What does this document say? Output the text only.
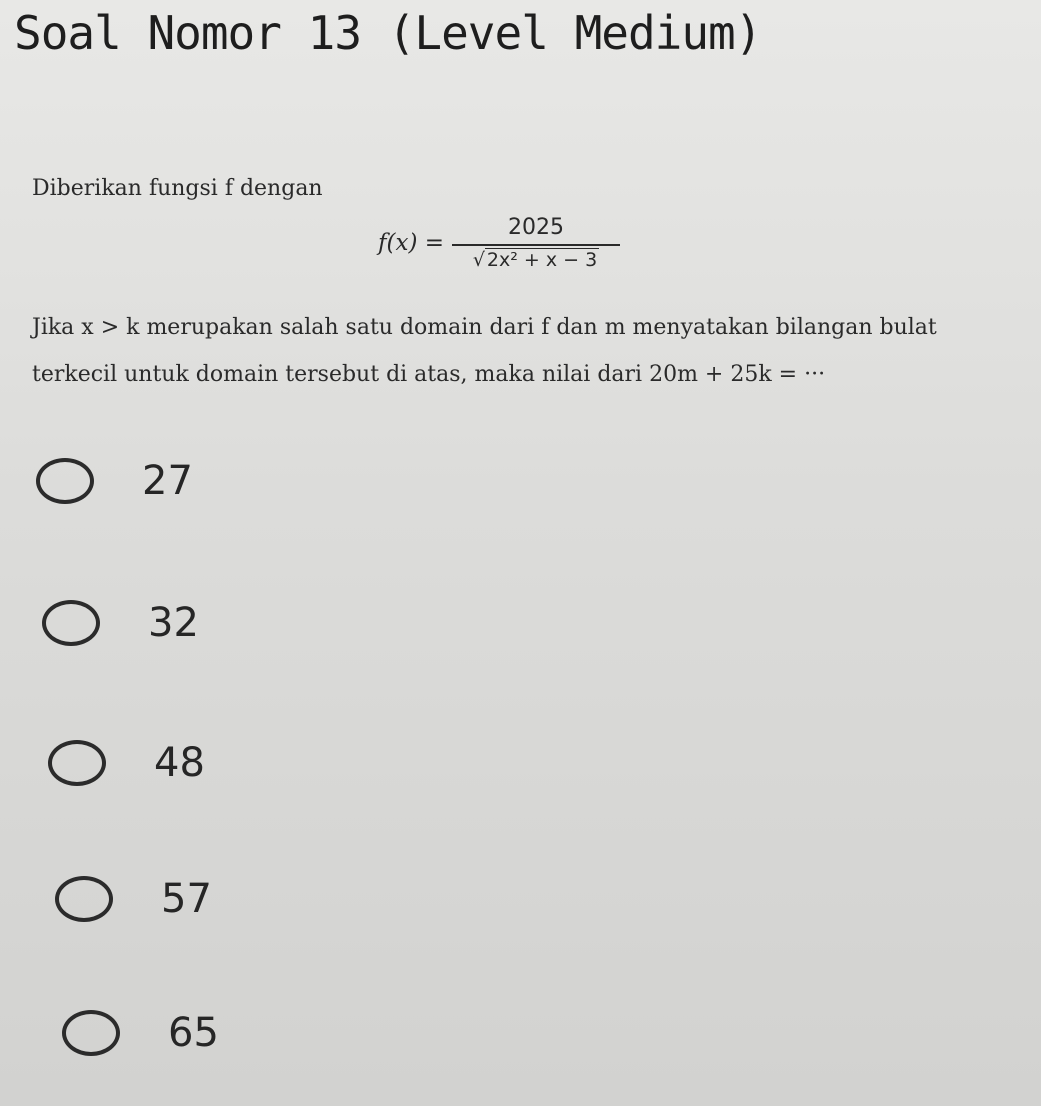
Soal Nomor 13 (Level Medium)
Diberikan fungsi f dengan
$f(x) = \frac{2025}{\text{√ 2x² + x − 3}}$
Jika x > k merupakan salah satu domain dari f dan m menyatakan bilangan bulat
terkecil untuk domain tersebut di atas, maka nilai dari 20m + 25k = ···
27
32
48
57
65
